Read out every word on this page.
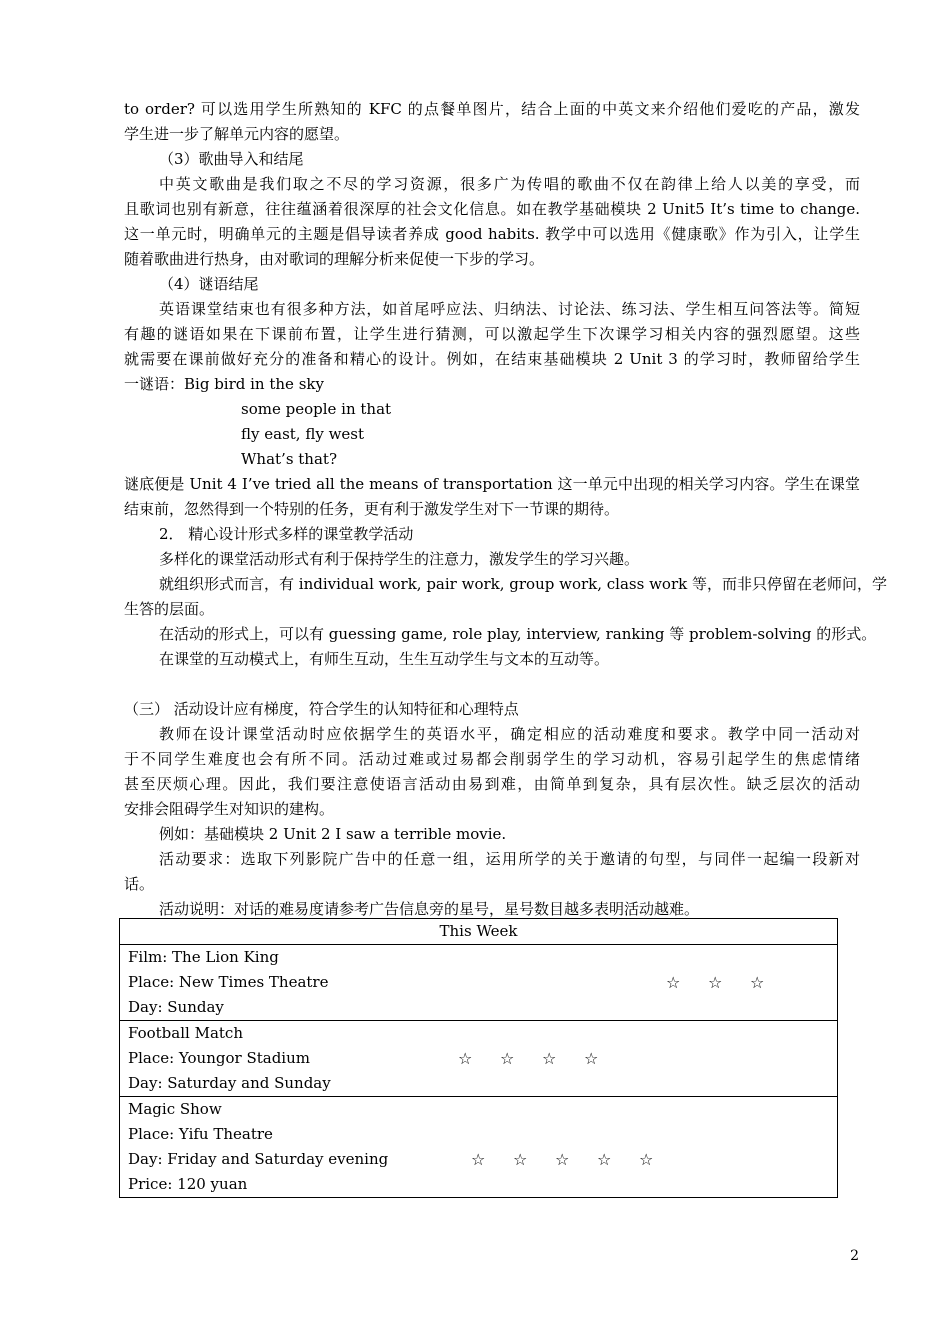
to order? 可以选用学生所熟知的 KFC 的点餐单图片，结合上面的中英文来介绍他们爱吃的产品，激发
学生进一步了解单元内容的愿望。
（3）歌曲导入和结尾
中英文歌曲是我们取之不尽的学习资源，很多广为传唱的歌曲不仅在韵律上给人以美的享受，而
且歌词也别有新意，往往蕴涵着很深厚的社会文化信息。如在教学基础模块 2 Unit5 It’s time to change.
这一单元时，明确单元的主题是倡导读者养成 good habits. 教学中可以选用《健康歌》作为引入，让学生
随着歌曲进行热身，由对歌词的理解分析来促使一下步的学习。
（4）谜语结尾
英语课堂结束也有很多种方法，如首尾呼应法、归纳法、讨论法、练习法、学生相互问答法等。简短
有趣的谜语如果在下课前布置，让学生进行猜测，可以激起学生下次课学习相关内容的强烈愿望。这些
就需要在课前做好充分的准备和精心的设计。例如，在结束基础模块 2 Unit 3 的学习时，教师留给学生
一谜语：Big bird in the sky
some people in that
fly east, fly west
What’s that?
谜底便是 Unit 4 I’ve tried all the means of transportation 这一单元中出现的相关学习内容。学生在课堂
结束前，忽然得到一个特别的任务，更有利于激发学生对下一节课的期待。
2． 精心设计形式多样的课堂教学活动
多样化的课堂活动形式有利于保持学生的注意力，激发学生的学习兴趣。
就组织形式而言，有 individual work, pair work, group work, class work 等，而非只停留在老师问，学
生答的层面。
在活动的形式上，可以有 guessing game, role play, interview, ranking 等 problem-solving 的形式。
在课堂的互动模式上，有师生互动，生生互动学生与文本的互动等。
（三） 活动设计应有梯度，符合学生的认知特征和心理特点
教师在设计课堂活动时应依据学生的英语水平，确定相应的活动难度和要求。教学中同一活动对
于不同学生难度也会有所不同。活动过难或过易都会削弱学生的学习动机，容易引起学生的焦虑情绪
甚至厌烦心理。因此，我们要注意使语言活动由易到难，由简单到复杂，具有层次性。缺乏层次的活动
安排会阻碍学生对知识的建构。
例如：基础模块 2 Unit 2 I saw a terrible movie.
活动要求：选取下列影院广告中的任意一组，运用所学的关于邀请的句型，与同伴一起编一段新对
话。
活动说明：对话的难易度请参考广告信息旁的星号，星号数目越多表明活动越难。
This Week

Film: The Lion King
Place: New Times Theatre
Day: Sunday
☆ ☆ ☆

Football Match
Place: Youngor Stadium
Day: Saturday and Sunday
☆ ☆ ☆ ☆

Magic Show
Place: Yifu Theatre
Day: Friday and Saturday evening
Price: 120 yuan
☆ ☆ ☆ ☆ ☆
2
